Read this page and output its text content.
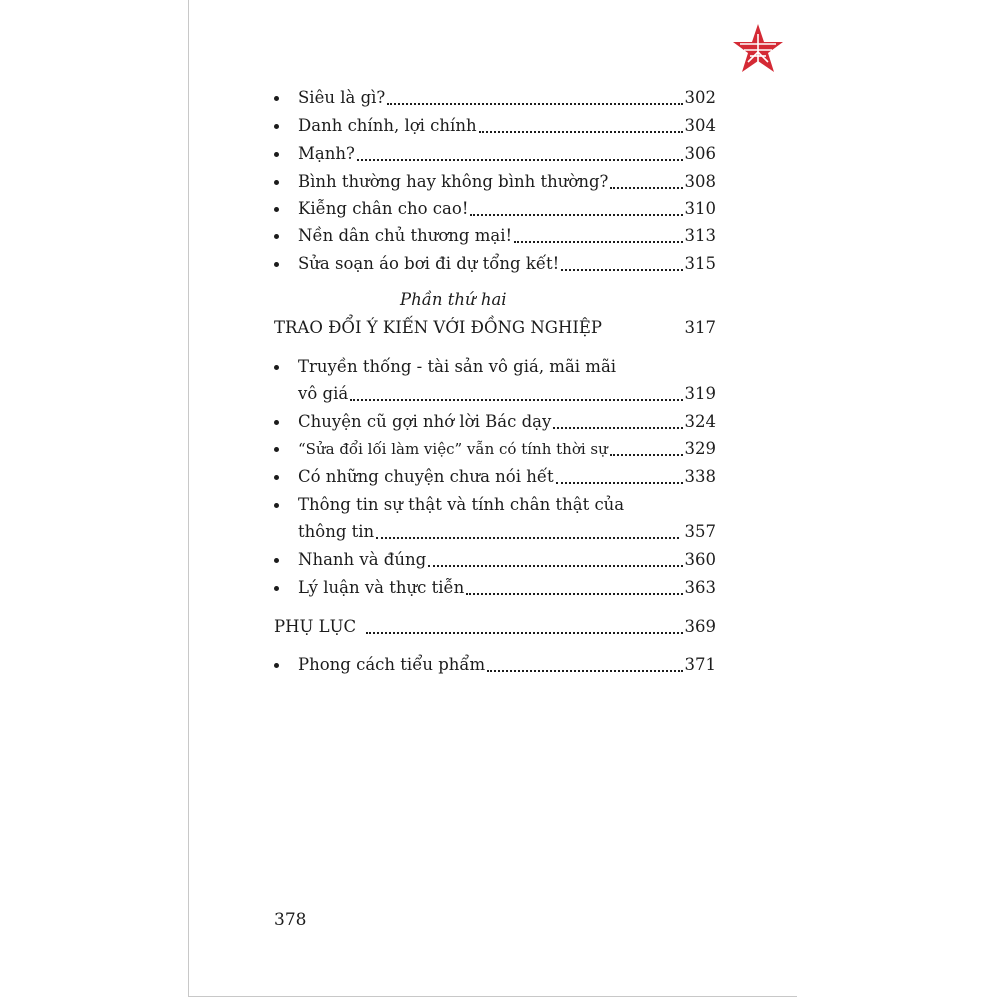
Siêu là gì?	302
Danh chính, lợi chính	304
Mạnh?	306
Bình thường hay không bình thường?	308
Kiễng chân cho cao!	310
Nền dân chủ thương mại!	313
Sửa soạn áo bơi đi dự tổng kết!	315
Phần thứ hai
TRAO ĐỔI Ý KIẾN VỚI ĐỒNG NGHIỆP	317
Truyền thống - tài sản vô giá, mãi mãi
vô giá	319
Chuyện cũ gợi nhớ lời Bác dạy	324
“Sửa đổi lối làm việc” vẫn có tính thời sự	329
Có những chuyện chưa nói hết	338
Thông tin sự thật và tính chân thật của
thông tin	357
Nhanh và đúng	360
Lý luận và thực tiễn	363
PHỤ LỤC	369
Phong cách tiểu phẩm	371
378
